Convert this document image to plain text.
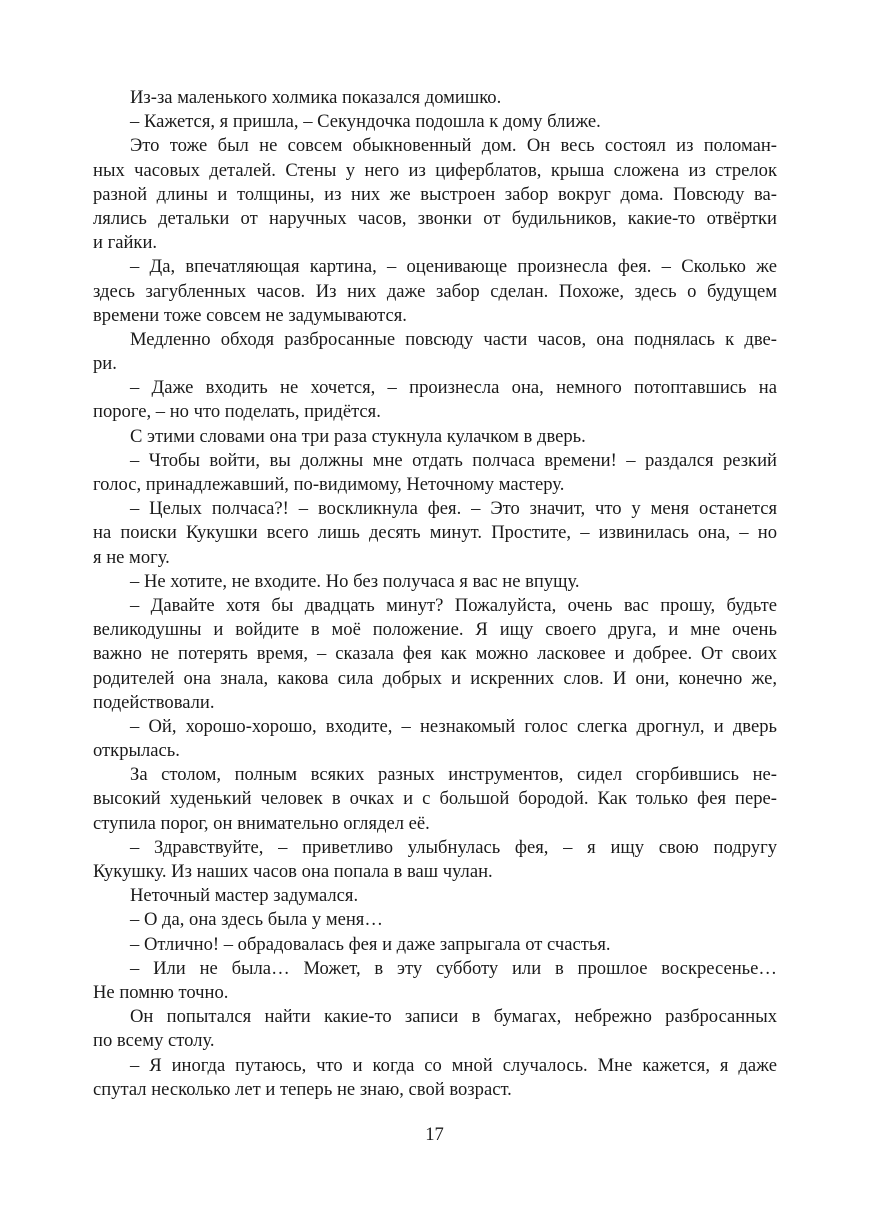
Из-за маленького холмика показался домишко.
– Кажется, я пришла, – Секундочка подошла к дому ближе.
Это тоже был не совсем обыкновенный дом. Он весь состоял из поломан-
ных часовых деталей. Стены у него из циферблатов, крыша сложена из стрелок
разной длины и толщины, из них же выстроен забор вокруг дома. Повсюду ва-
лялись детальки от наручных часов, звонки от будильников, какие-то отвёртки
и гайки.
– Да, впечатляющая картина, – оценивающе произнесла фея. – Сколько же
здесь загубленных часов. Из них даже забор сделан. Похоже, здесь о будущем
времени тоже совсем не задумываются.
Медленно обходя разбросанные повсюду части часов, она поднялась к две-
ри.
– Даже входить не хочется, – произнесла она, немного потоптавшись на
пороге, – но что поделать, придётся.
С этими словами она три раза стукнула кулачком в дверь.
– Чтобы войти, вы должны мне отдать полчаса времени! – раздался резкий
голос, принадлежавший, по-видимому, Неточному мастеру.
– Целых полчаса?! – воскликнула фея. – Это значит, что у меня останется
на поиски Кукушки всего лишь десять минут. Простите, – извинилась она, – но
я не могу.
– Не хотите, не входите. Но без получаса я вас не впущу.
– Давайте хотя бы двадцать минут? Пожалуйста, очень вас прошу, будьте
великодушны и войдите в моё положение. Я ищу своего друга, и мне очень
важно не потерять время, – сказала фея как можно ласковее и добрее. От своих
родителей она знала, какова сила добрых и искренних слов. И они, конечно же,
подействовали.
– Ой, хорошо-хорошо, входите, – незнакомый голос слегка дрогнул, и дверь
открылась.
За столом, полным всяких разных инструментов, сидел сгорбившись не-
высокий худенький человек в очках и с большой бородой. Как только фея пере-
ступила порог, он внимательно оглядел её.
– Здравствуйте, – приветливо улыбнулась фея, – я ищу свою подругу
Кукушку. Из наших часов она попала в ваш чулан.
Неточный мастер задумался.
– О да, она здесь была у меня…
– Отлично! – обрадовалась фея и даже запрыгала от счастья.
– Или не была… Может, в эту субботу или в прошлое воскресенье…
Не помню точно.
Он попытался найти какие-то записи в бумагах, небрежно разбросанных
по всему столу.
– Я иногда путаюсь, что и когда со мной случалось. Мне кажется, я даже
спутал несколько лет и теперь не знаю, свой возраст.
17
